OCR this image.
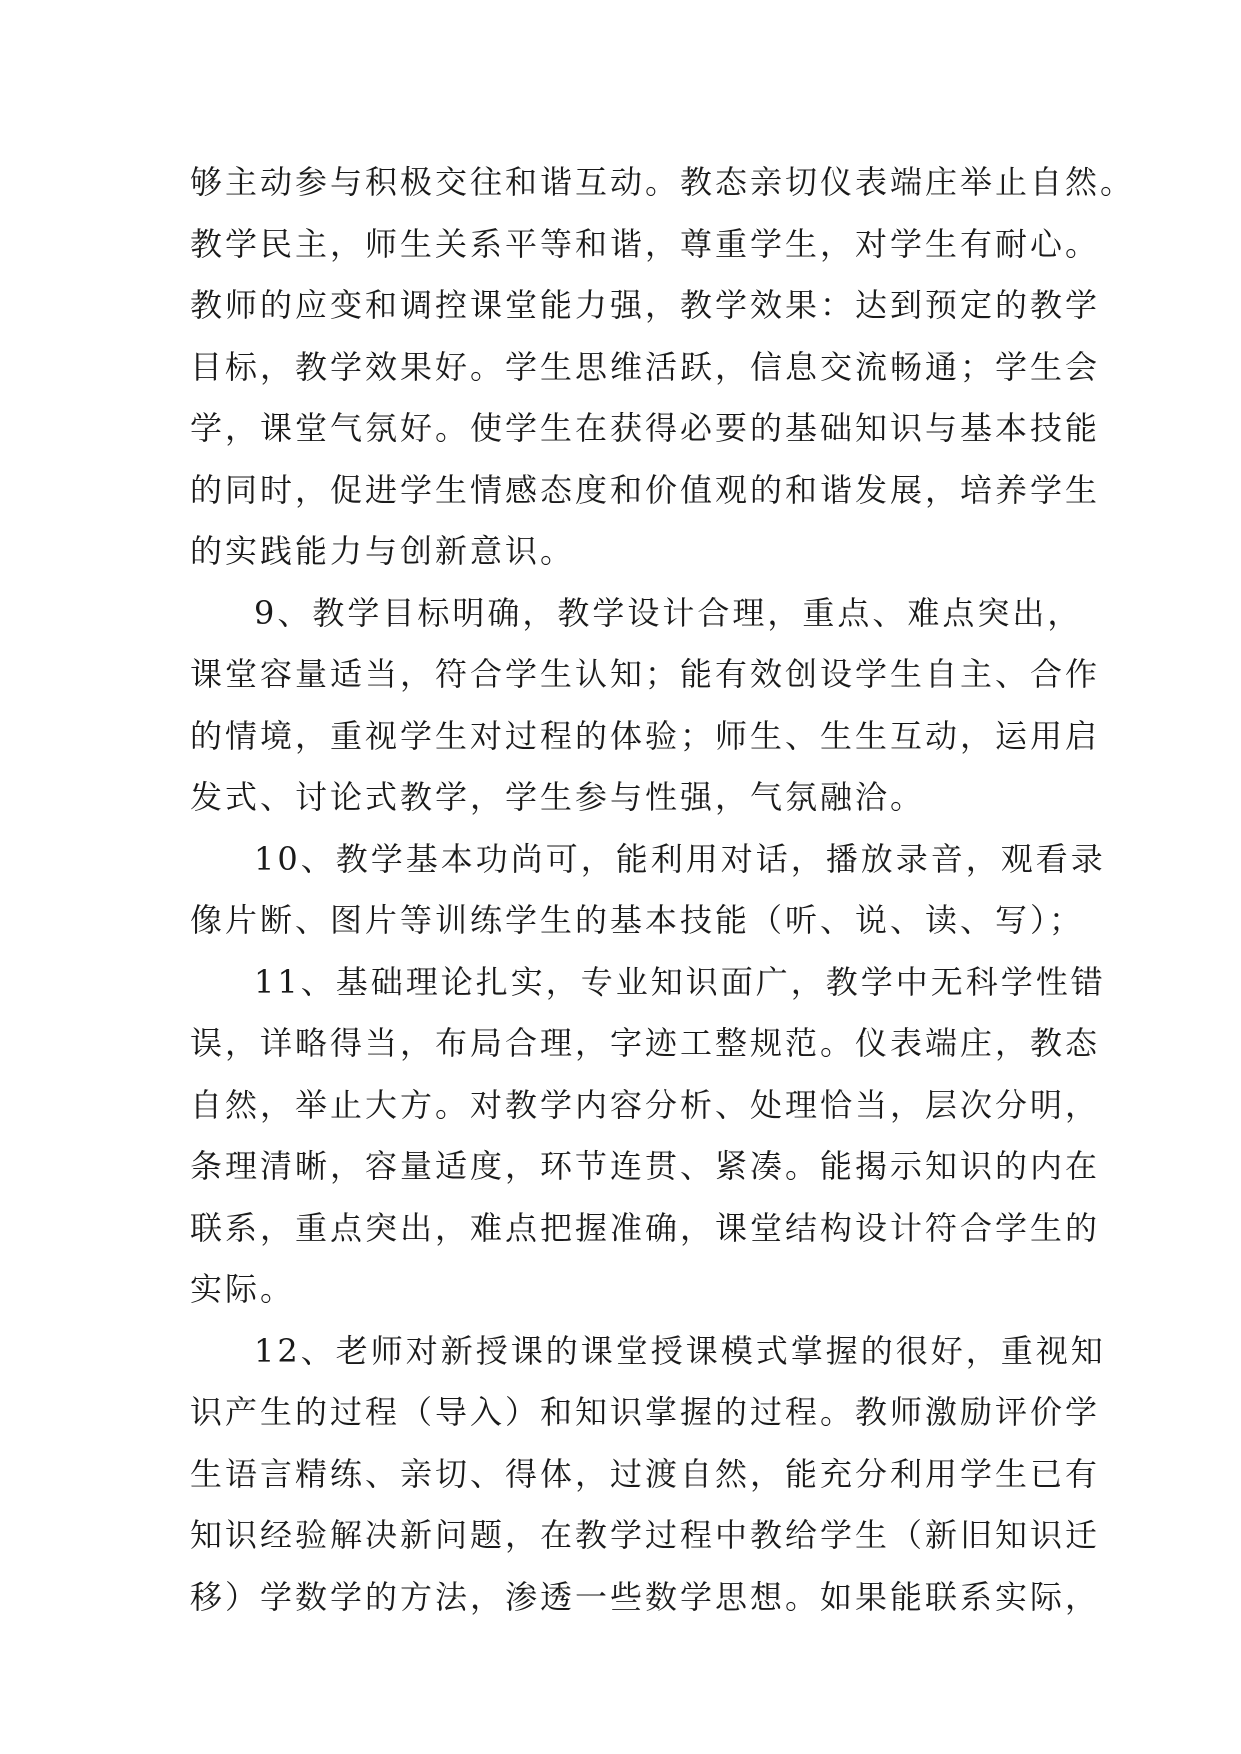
够主动参与积极交往和谐互动。教态亲切仪表端庄举止自然。
教学民主，师生关系平等和谐，尊重学生，对学生有耐心。
教师的应变和调控课堂能力强，教学效果：达到预定的教学
目标，教学效果好。学生思维活跃，信息交流畅通；学生会
学，课堂气氛好。使学生在获得必要的基础知识与基本技能
的同时，促进学生情感态度和价值观的和谐发展，培养学生
的实践能力与创新意识。
9、教学目标明确，教学设计合理，重点、难点突出，
课堂容量适当，符合学生认知；能有效创设学生自主、合作
的情境，重视学生对过程的体验；师生、生生互动，运用启
发式、讨论式教学，学生参与性强，气氛融洽。
10、教学基本功尚可，能利用对话，播放录音，观看录
像片断、图片等训练学生的基本技能（听、说、读、写）；
11、基础理论扎实，专业知识面广，教学中无科学性错
误，详略得当，布局合理，字迹工整规范。仪表端庄，教态
自然，举止大方。对教学内容分析、处理恰当，层次分明，
条理清晰，容量适度，环节连贯、紧凑。能揭示知识的内在
联系，重点突出，难点把握准确，课堂结构设计符合学生的
实际。
12、老师对新授课的课堂授课模式掌握的很好，重视知
识产生的过程（导入）和知识掌握的过程。教师激励评价学
生语言精练、亲切、得体，过渡自然，能充分利用学生已有
知识经验解决新问题，在教学过程中教给学生（新旧知识迁
移）学数学的方法，渗透一些数学思想。如果能联系实际，
